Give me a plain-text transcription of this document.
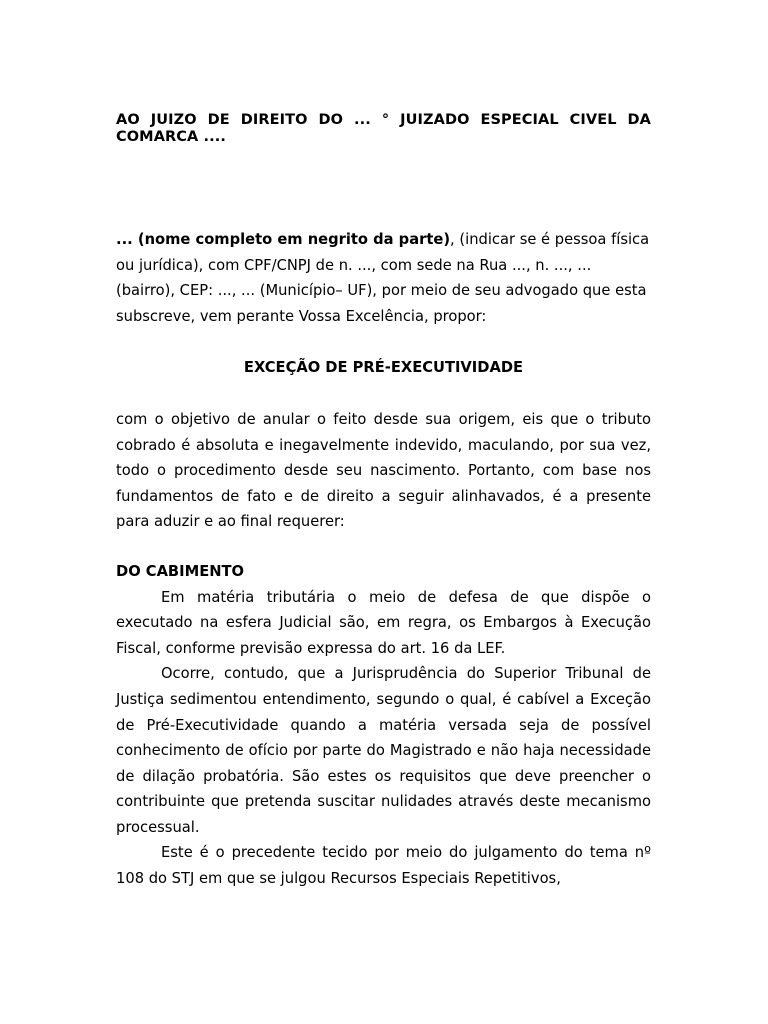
AO JUIZO DE DIREITO DO ... ° JUIZADO ESPECIAL CIVEL DA COMARCA ....

... (nome completo em negrito da parte), (indicar se é pessoa física ou jurídica), com CPF/CNPJ de n. ..., com sede na Rua ..., n. ..., ... (bairro), CEP: ..., ... (Município– UF), por meio de seu advogado que esta subscreve, vem perante Vossa Excelência, propor:

EXCEÇÃO DE PRÉ-EXECUTIVIDADE

com o objetivo de anular o feito desde sua origem, eis que o tributo cobrado é absoluta e inegavelmente indevido, maculando, por sua vez, todo o procedimento desde seu nascimento. Portanto, com base nos fundamentos de fato e de direito a seguir alinhavados, é a presente para aduzir e ao final requerer:

DO CABIMENTO

Em matéria tributária o meio de defesa de que dispõe o executado na esfera Judicial são, em regra, os Embargos à Execução Fiscal, conforme previsão expressa do art. 16 da LEF.

Ocorre, contudo, que a Jurisprudência do Superior Tribunal de Justiça sedimentou entendimento, segundo o qual, é cabível a Exceção de Pré-Executividade quando a matéria versada seja de possível conhecimento de ofício por parte do Magistrado e não haja necessidade de dilação probatória. São estes os requisitos que deve preencher o contribuinte que pretenda suscitar nulidades através deste mecanismo processual.

Este é o precedente tecido por meio do julgamento do tema nº 108 do STJ em que se julgou Recursos Especiais Repetitivos,
